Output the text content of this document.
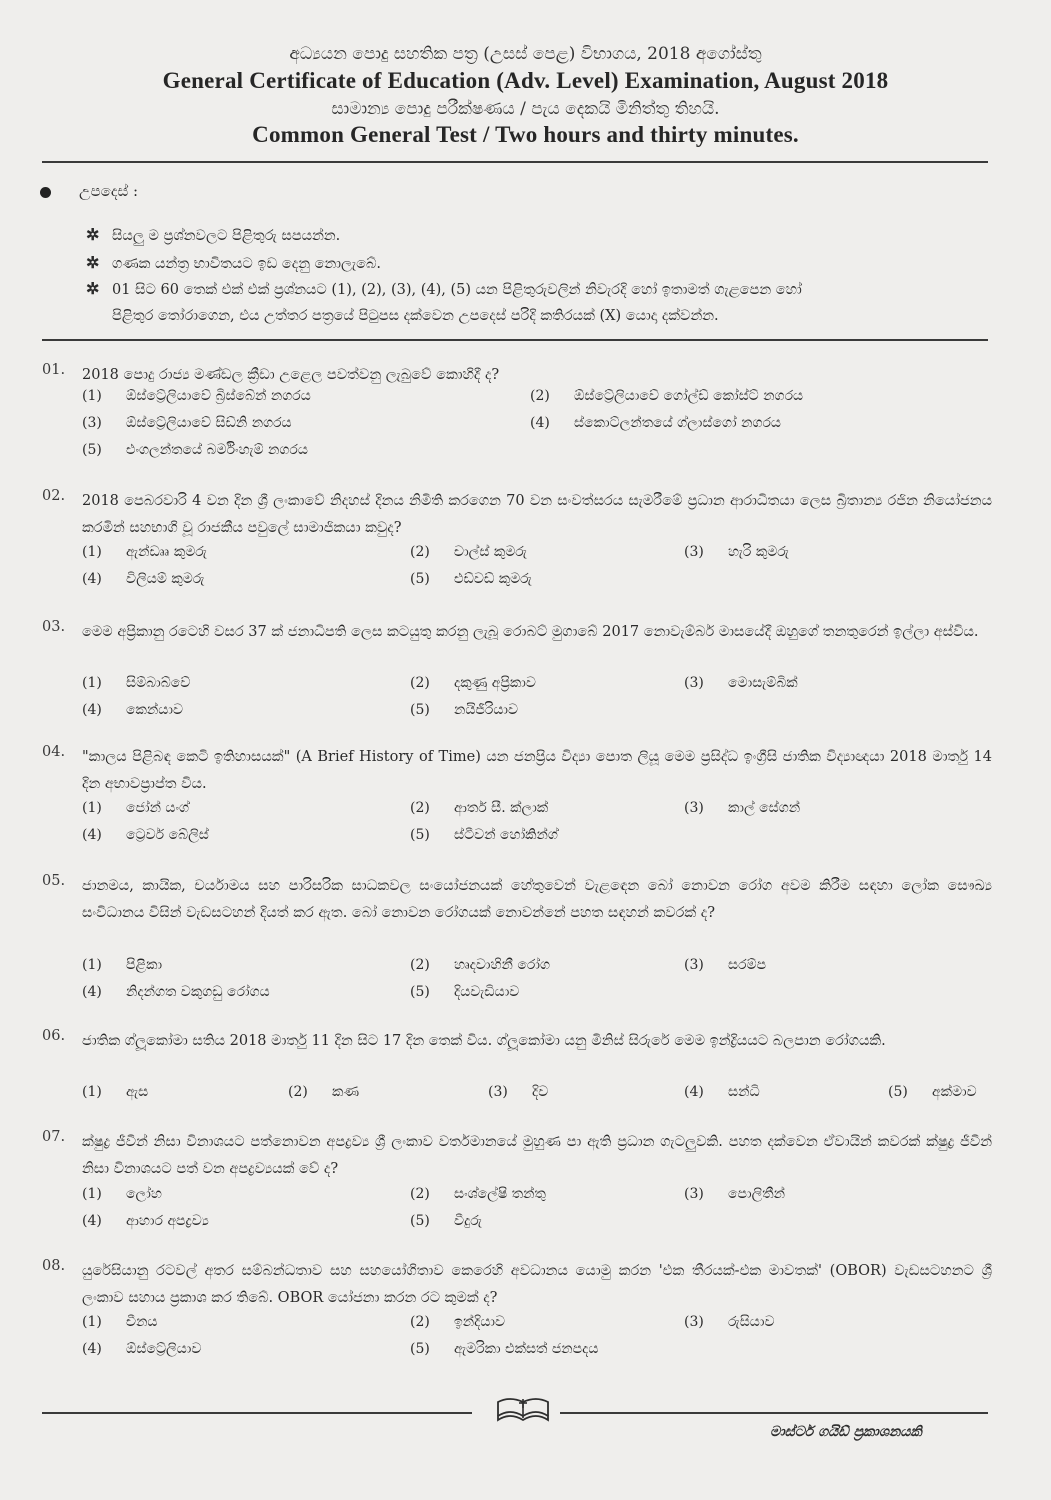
අධ්‍යයන පොදු සහතික පත්‍ර (උසස් පෙළ) විභාගය, 2018 අගෝස්තු
General Certificate of Education (Adv. Level) Examination, August 2018
සාමාන්‍ය පොදු පරීක්ෂණය / පැය දෙකයි මිනිත්තු තිහයි.
Common General Test / Two hours and thirty minutes.
උපදෙස් :
✲ සියලු ම ප්‍රශ්නවලට පිළිතුරු සපයන්න.
✲ ගණක යන්ත්‍ර භාවිතයට ඉඩ දෙනු නොලැබේ.
✲ 01 සිට 60 තෙක් එක් එක් ප්‍රශ්නයට (1), (2), (3), (4), (5) යන පිළිතුරුවලින් නිවැරදි හෝ ඉතාමත් ගැළපෙන හෝ
පිළිතුර තෝරාගෙන, එය උත්තර පත්‍රයේ පිටුපස දක්වෙන උපදෙස් පරිදි කතිරයක් (X) යොදා දක්වන්න.
01.	2018 පොදු රාජ්‍ය මණ්ඩල ක්‍රීඩා උළෙල පවත්වනු ලැබුවේ කොහිදී ද?
(1) ඕස්ට්‍රේලියාවේ බ්‍රිස්බේන් නගරය	(2) ඕස්ට්‍රේලියාවේ ගෝල්ඩ් කෝස්ට් නගරය
(3) ඕස්ට්‍රේලියාවේ සිඩ්නි නගරය	(4) ස්කොට්ලන්තයේ ග්ලාස්ගෝ නගරය
(5) එංගලන්තයේ බර්මිංහැම් නගරය
02.	2018 පෙබරවාරි 4 වන දින ශ්‍රී ලංකාවේ නිදහස් දිනය නිමිති කරගෙන 70 වන සංවත්සරය සැමරීමේ ප්‍රධාන ආරාධිතයා ලෙස බ්‍රිතාන්‍ය රජින නියෝජනය කරමින් සහභාගි වූ රාජකීය පවුලේ සාමාජිකයා කවුද?
(1) ඇන්ඩෲ කුමරු	(2) චාල්ස් කුමරු	(3) හැරි කුමරු
(4) විලියම් කුමරු	(5) එඩ්වඩ් කුමරු
03.	මෙම අප්‍රිකානු රටෙහි වසර 37 ක් ජනාධිපති ලෙස කටයුතු කරනු ලැබූ රොබට් මුගාබේ 2017 නොවැම්බර් මාසයේදී ඔහුගේ තනතුරෙන් ඉල්ලා අස්විය.
(1) සිම්බාබ්වේ	(2) දකුණු අප්‍රිකාව	(3) මොසැම්බික්
(4) කෙන්යාව	(5) නයිජීරියාව
04.	"කාලය පිළිබඳ කෙටි ඉතිහාසයක්" (A Brief History of Time) යන ජනප්‍රිය විද්‍යා පොත ලියූ මෙම ප්‍රසිද්ධ ඉංග්‍රීසි ජාතික විද්‍යාඥයා 2018 මාර්තු 14 දින අභාවප්‍රාප්ත විය.
(1) ජෝන් යංග්	(2) ආතර් සී. ක්ලාක්	(3) කාල් සේගන්
(4) ට්‍රෙවර් බේලිස්	(5) ස්ටීවන් හෝකින්ග්
05.	ජානමය, කායික, චර්යාමය සහ පාරිසරික සාධකවල සංයෝජනයක් හේතුවෙන් වැළඳෙන බෝ නොවන රෝග අවම කිරීම සඳහා ලෝක සෞඛ්‍ය සංවිධානය විසින් වැඩසටහන් දියත් කර ඇත. බෝ නොවන රෝගයක් නොවන්නේ පහත සඳහන් කවරක් ද?
(1) පිළිකා	(2) හෘදවාහිනී රෝග	(3) සරම්ප
(4) නිදන්ගත වකුගඩු රෝගය	(5) දියවැඩියාව
06.	ජාතික ග්ලූකෝමා සතිය 2018 මාර්තු 11 දින සිට 17 දින තෙක් විය. ග්ලූකෝමා යනු මිනිස් සිරුරේ මෙම ඉන්ද්‍රියයට බලපාන රෝගයකි.
(1) ඇස	(2) කණ	(3) දිව	(4) සන්ධි	(5) අක්මාව
07.	ක්ෂුද්‍ර ජීවීන් නිසා විනාශයට පත්නොවන අපද්‍රව්‍ය ශ්‍රී ලංකාව වර්තමානයේ මුහුණ පා ඇති ප්‍රධාන ගැටලුවකි. පහත දක්වෙන ඒවායින් කවරක් ක්ෂුද්‍ර ජීවීන් නිසා විනාශයට පත් වන අපද්‍රව්‍යයක් වේ ද?
(1) ලෝහ	(2) සංශ්ලේෂි තන්තු	(3) පොලිතීන්
(4) ආහාර අපද්‍රව්‍ය	(5) වීදුරු
08.	යුරේසියානු රටවල් අතර සම්බන්ධතාව සහ සහයෝගිතාව කෙරෙහි අවධානය යොමු කරන 'එක තීරයක්-එක මාවතක්' (OBOR) වැඩසටහනට ශ්‍රී ලංකාව සහාය ප්‍රකාශ කර තිබේ. OBOR යෝජනා කරන රට කුමක් ද?
(1) චීනය	(2) ඉන්දියාව	(3) රුසියාව
(4) ඕස්ට්‍රේලියාව	(5) ඇමරිකා එක්සත් ජනපදය
මාස්ටර් ගයිඩ් ප්‍රකාශනයකි
